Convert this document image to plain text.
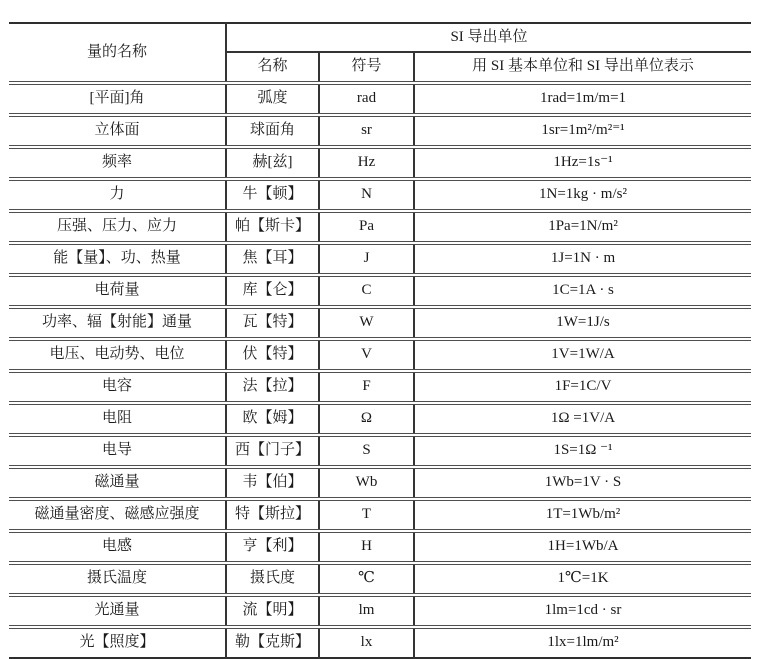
量的名称	SI 导出单位		
	名称	符号	用 SI 基本单位和 SI 导出单位表示
[平面]角	弧度	rad	1rad=1m/m=1
立体面	球面角	sr	1sr=1m²/m²⁼¹
频率	赫[兹]	Hz	1Hz=1s⁻¹
力	牛【顿】	N	1N=1kg · m/s²
压强、压力、应力	帕【斯卡】	Pa	1Pa=1N/m²
能【量】、功、热量	焦【耳】	J	1J=1N · m
电荷量	库【仑】	C	1C=1A · s
功率、辐【射能】通量	瓦【特】	W	1W=1J/s
电压、电动势、电位	伏【特】	V	1V=1W/A
电容	法【拉】	F	1F=1C/V
电阻	欧【姆】	Ω	1Ω =1V/A
电导	西【门子】	S	1S=1Ω ⁻¹
磁通量	韦【伯】	Wb	1Wb=1V · S
磁通量密度、磁感应强度	特【斯拉】	T	1T=1Wb/m²
电感	亨【利】	H	1H=1Wb/A
摄氏温度	摄氏度	℃	1℃=1K
光通量	流【明】	lm	1lm=1cd · sr
光【照度】	勒【克斯】	lx	1lx=1lm/m²
